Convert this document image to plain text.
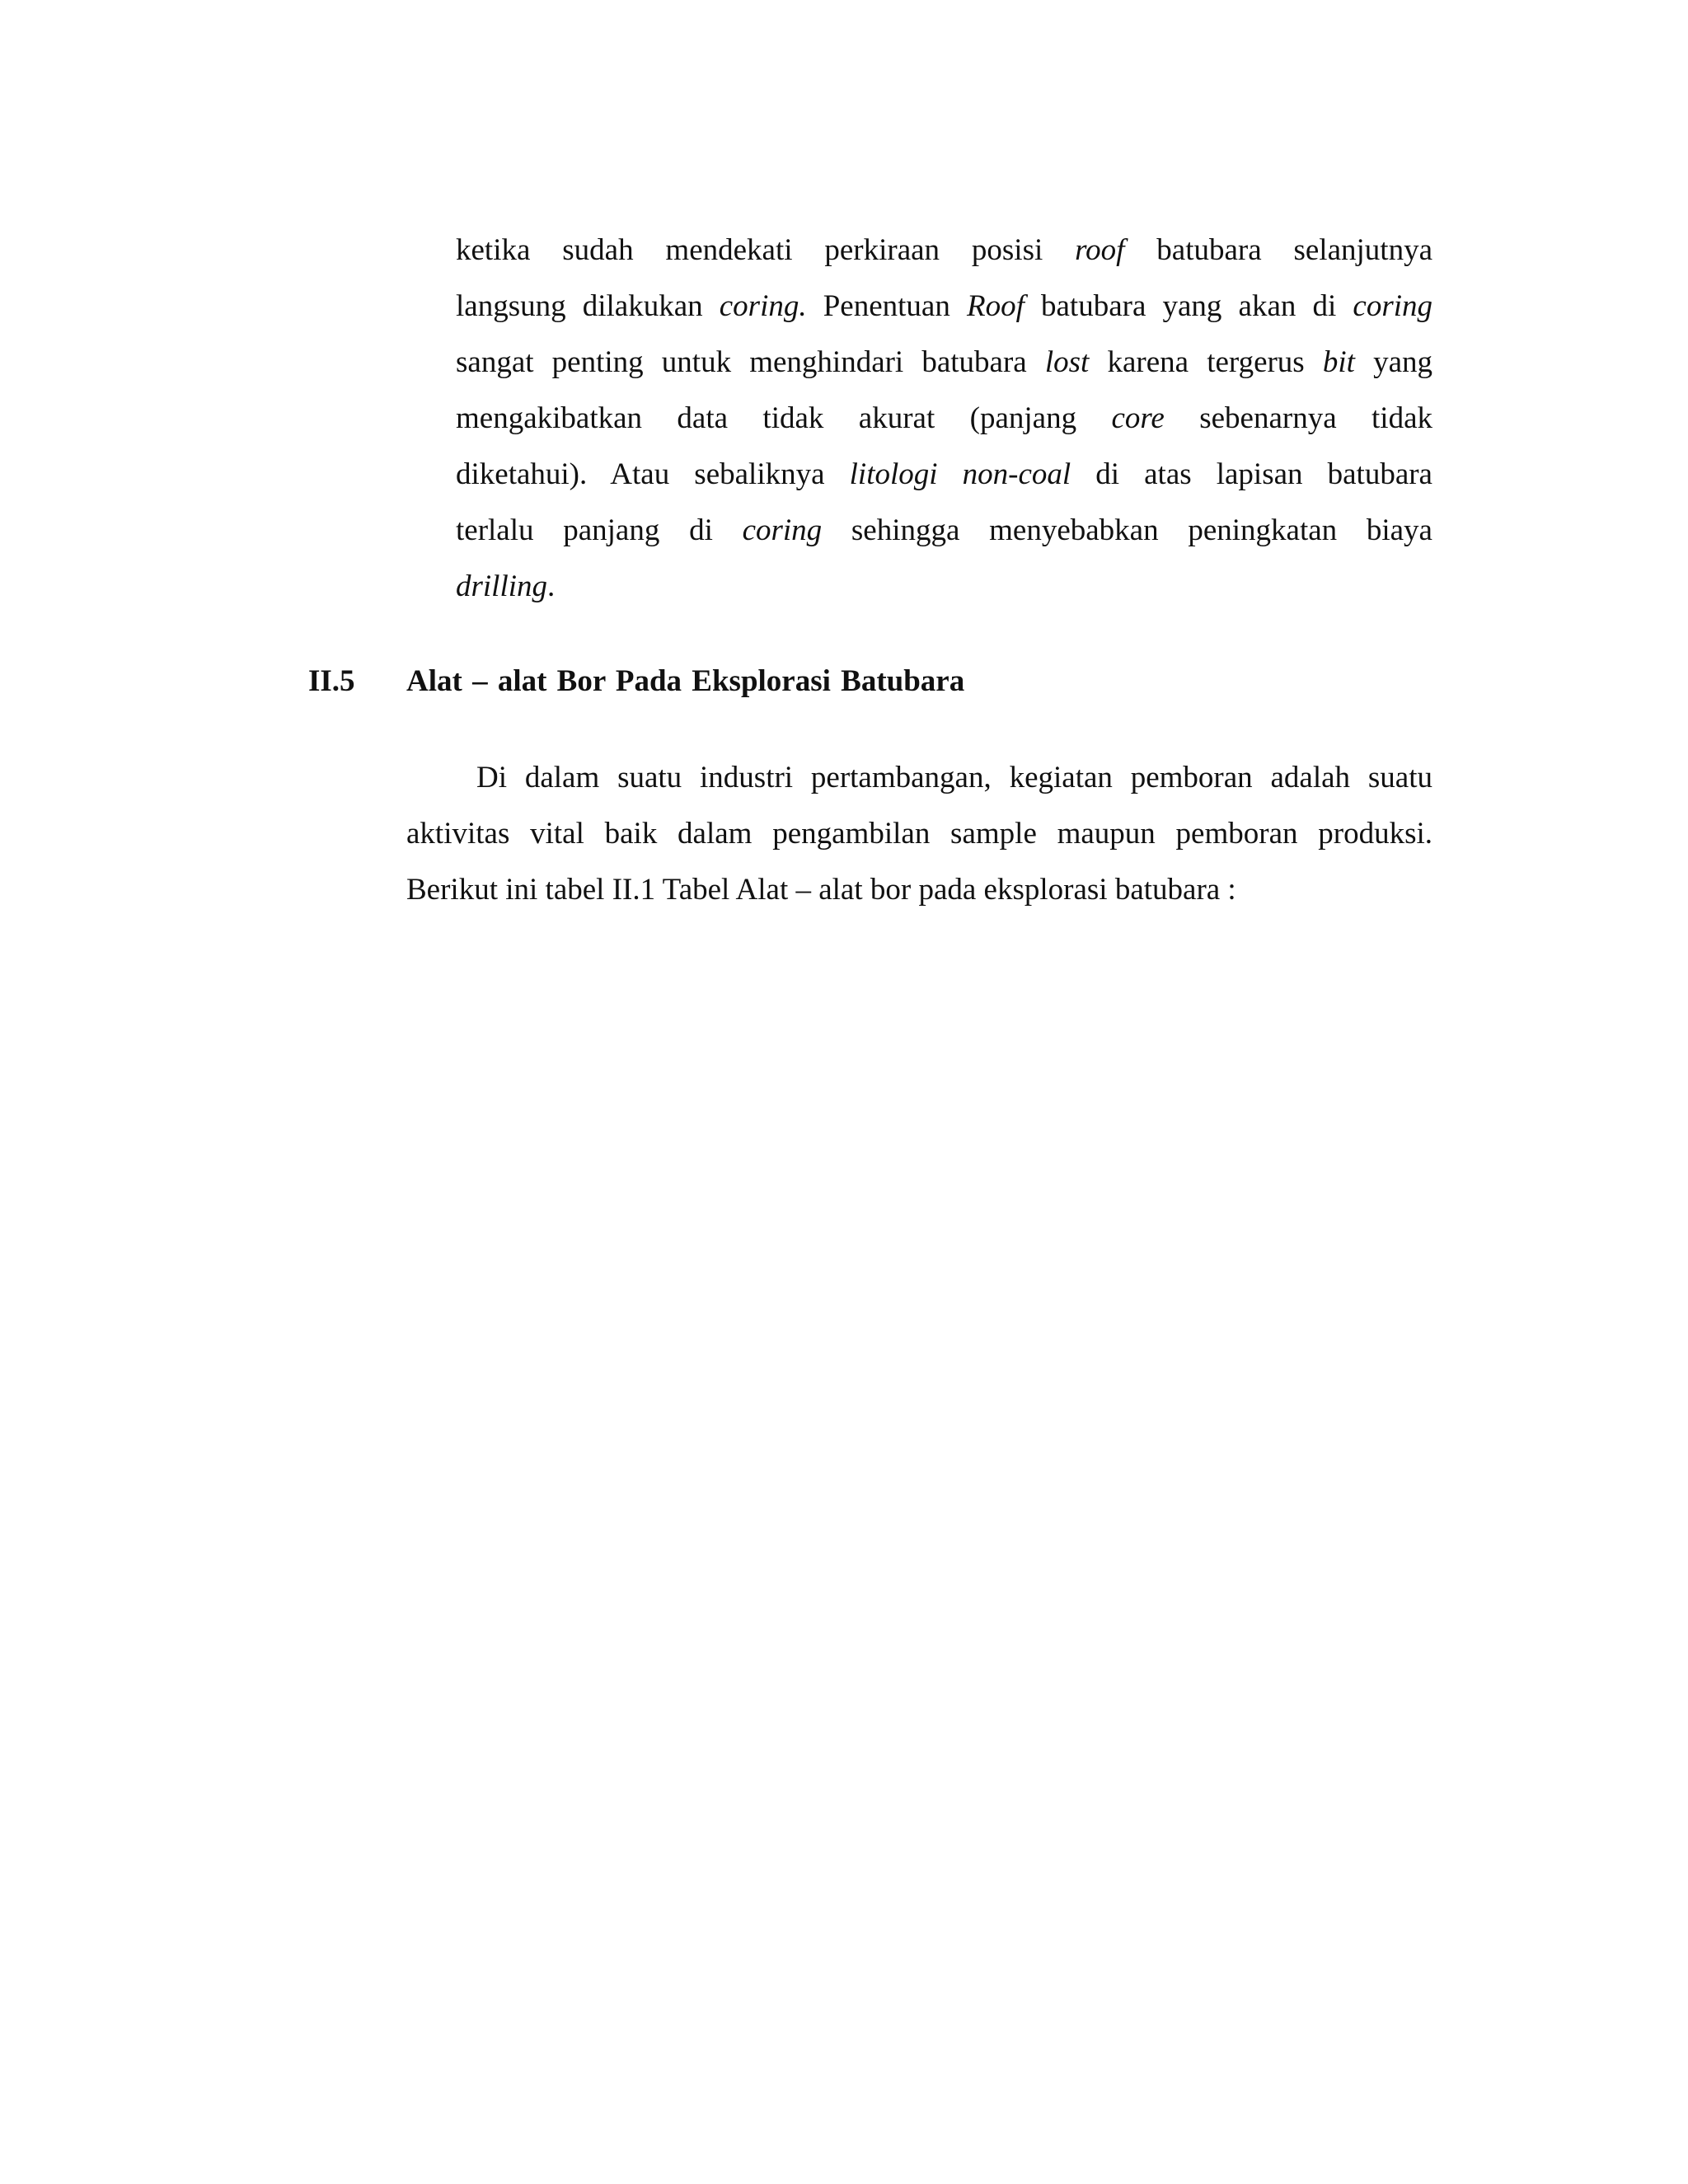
ketika sudah mendekati perkiraan posisi roof batubara selanjutnya
langsung dilakukan coring. Penentuan Roof batubara yang akan di coring
sangat penting untuk menghindari batubara lost karena tergerus bit yang
mengakibatkan data tidak akurat (panjang core sebenarnya tidak
diketahui). Atau sebaliknya litologi non-coal di atas lapisan batubara
terlalu panjang di coring sehingga menyebabkan peningkatan biaya
drilling.
II.5 Alat – alat Bor Pada Eksplorasi Batubara
Di dalam suatu industri pertambangan, kegiatan pemboran adalah suatu
aktivitas vital baik dalam pengambilan sample maupun pemboran produksi.
Berikut ini tabel II.1 Tabel Alat – alat bor pada eksplorasi batubara :
